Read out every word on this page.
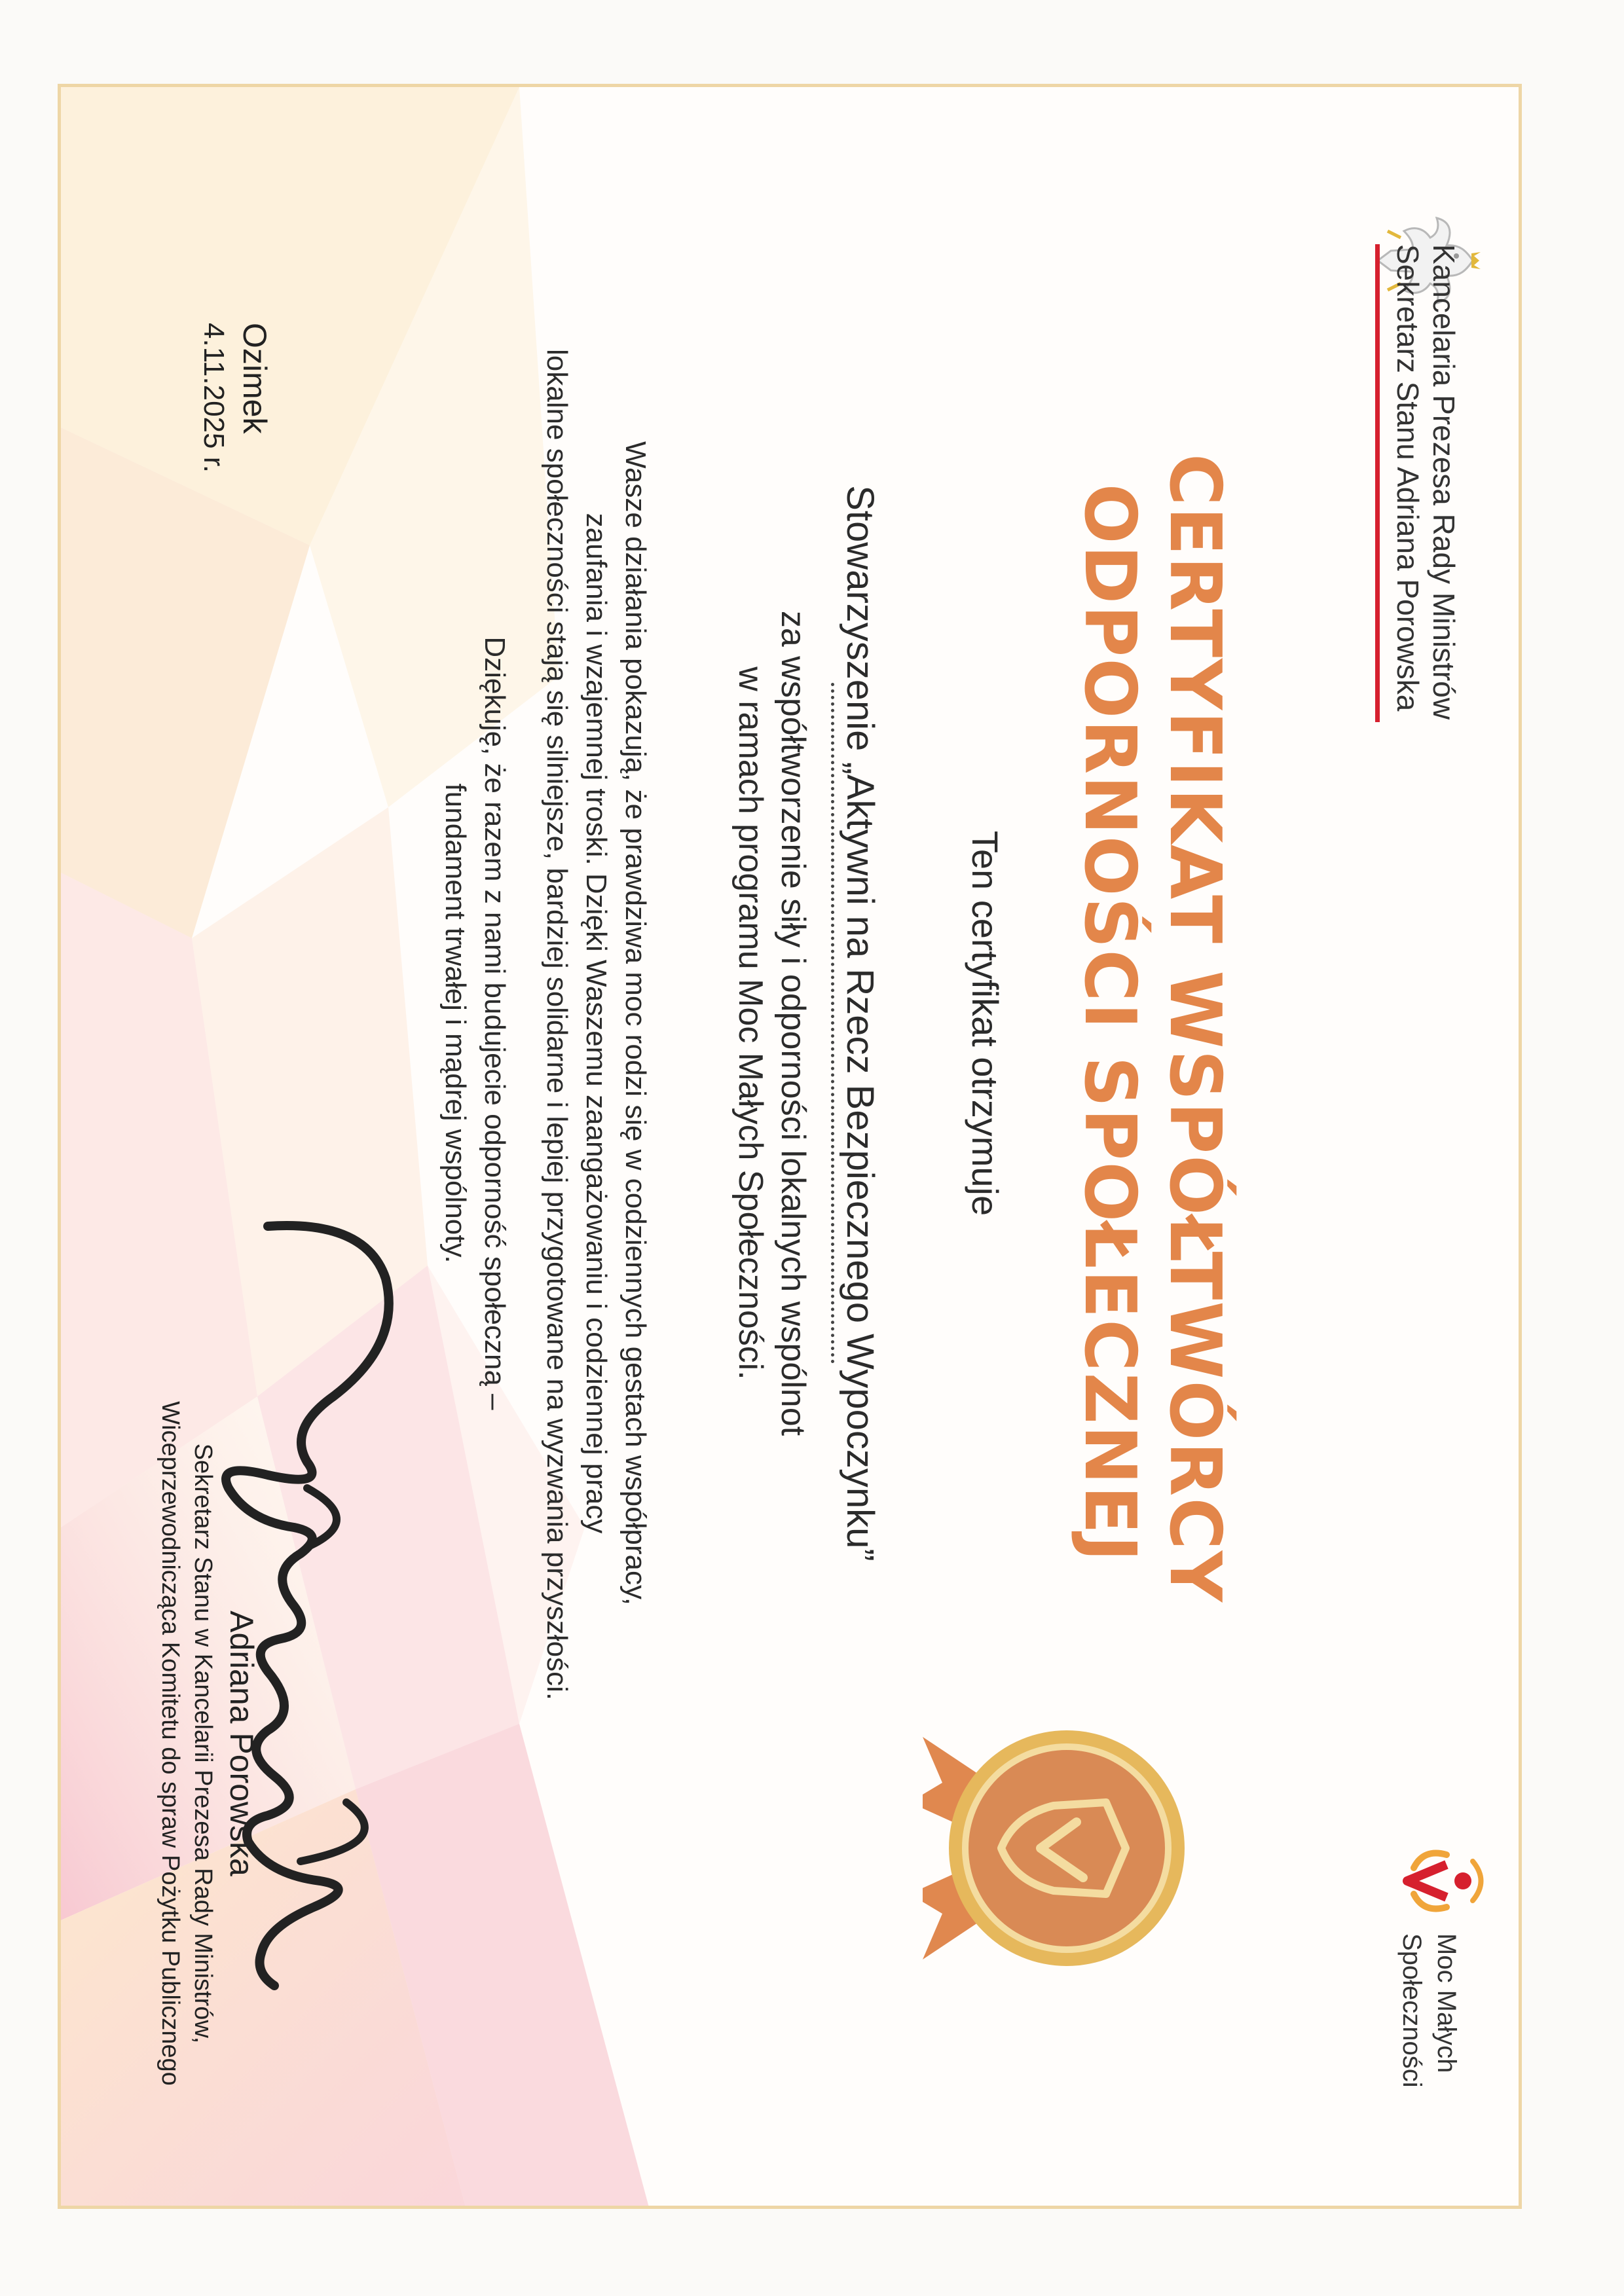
Kancelaria Prezesa Rady Ministrów
Sekretarz Stanu Adriana Porowska
Moc Małych
Społeczności
CERTYFIKAT WSPÓŁTWÓRCY
ODPORNOŚCI SPOŁECZNEJ
Ten certyfikat otrzymuje
Stowarzyszenie „Aktywni na Rzecz Bezpiecznego Wypoczynku”
za współtworzenie siły i odporności lokalnych wspólnot
w ramach programu Moc Małych Społeczności.
Wasze działania pokazują, że prawdziwa moc rodzi się w codziennych gestach współpracy,
zaufania i wzajemnej troski. Dzięki Waszemu zaangażowaniu i codziennej pracy
lokalne społeczności stają się silniejsze, bardziej solidarne i lepiej przygotowane na wyzwania przyszłości.
Dziękuję, że razem z nami budujecie odporność społeczną –
fundament trwałej i mądrej wspólnoty.
Ozimek
4.11.2025 r.
Adriana Porowska
Sekretarz Stanu w Kancelarii Prezesa Rady Ministrów,
Wiceprzewodnicząca Komitetu do spraw Pożytku Publicznego
